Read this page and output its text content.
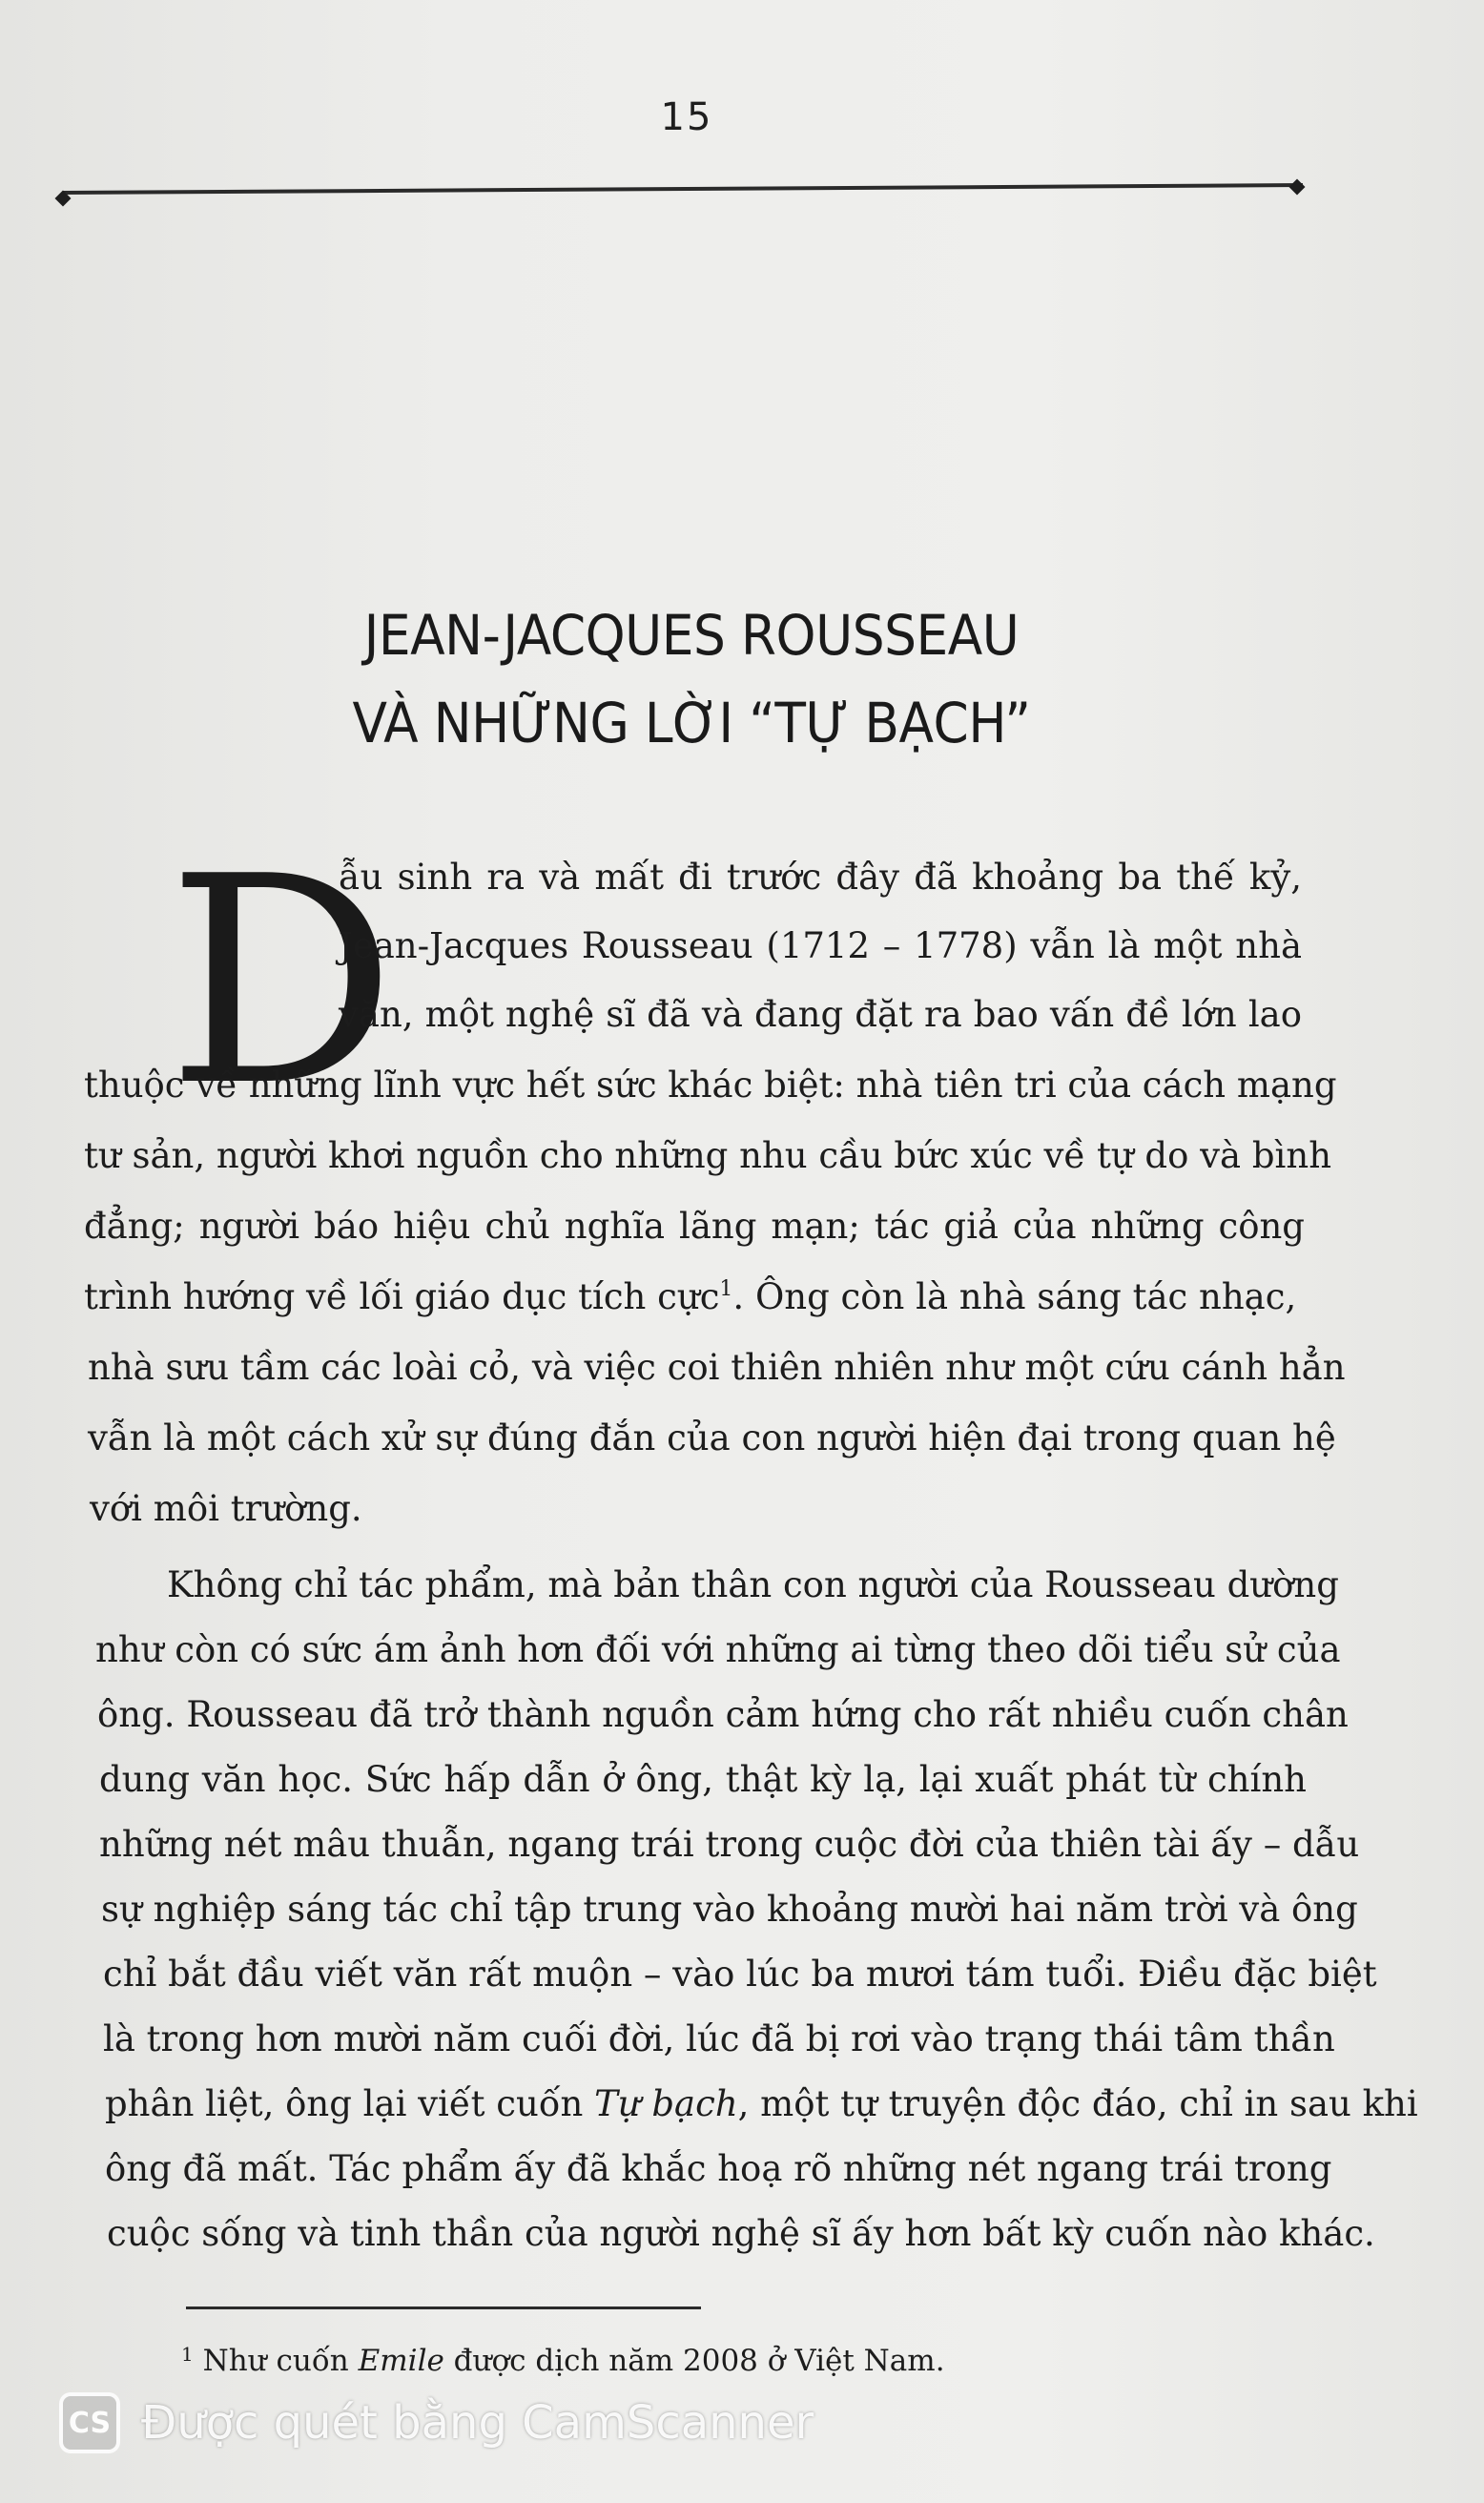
15
JEAN-JACQUES ROUSSEAU
VÀ NHỮNG LỜI “TỰ BẠCH”
D
ẫu sinh ra và mất đi trước đây đã khoảng ba thế kỷ,
Jean-Jacques Rousseau (1712 – 1778) vẫn là một nhà
văn, một nghệ sĩ đã và đang đặt ra bao vấn đề lớn lao
thuộc về những lĩnh vực hết sức khác biệt: nhà tiên tri của cách mạng
tư sản, người khơi nguồn cho những nhu cầu bức xúc về tự do và bình
đẳng; người báo hiệu chủ nghĩa lãng mạn; tác giả của những công
trình hướng về lối giáo dục tích cực$^1$. Ông còn là nhà sáng tác nhạc,
nhà sưu tầm các loài cỏ, và việc coi thiên nhiên như một cứu cánh hẳn
vẫn là một cách xử sự đúng đắn của con người hiện đại trong quan hệ
với môi trường.
Không chỉ tác phẩm, mà bản thân con người của Rousseau dường
như còn có sức ám ảnh hơn đối với những ai từng theo dõi tiểu sử của
ông. Rousseau đã trở thành nguồn cảm hứng cho rất nhiều cuốn chân
dung văn học. Sức hấp dẫn ở ông, thật kỳ lạ, lại xuất phát từ chính
những nét mâu thuẫn, ngang trái trong cuộc đời của thiên tài ấy – dẫu
sự nghiệp sáng tác chỉ tập trung vào khoảng mười hai năm trời và ông
chỉ bắt đầu viết văn rất muộn – vào lúc ba mươi tám tuổi. Điều đặc biệt
là trong hơn mười năm cuối đời, lúc đã bị rơi vào trạng thái tâm thần
phân liệt, ông lại viết cuốn Tự bạch, một tự truyện độc đáo, chỉ in sau khi
ông đã mất. Tác phẩm ấy đã khắc hoạ rõ những nét ngang trái trong
cuộc sống và tinh thần của người nghệ sĩ ấy hơn bất kỳ cuốn nào khác.
$^1$ Như cuốn Emile được dịch năm 2008 ở Việt Nam.
CS Được quét bằng CamScanner
